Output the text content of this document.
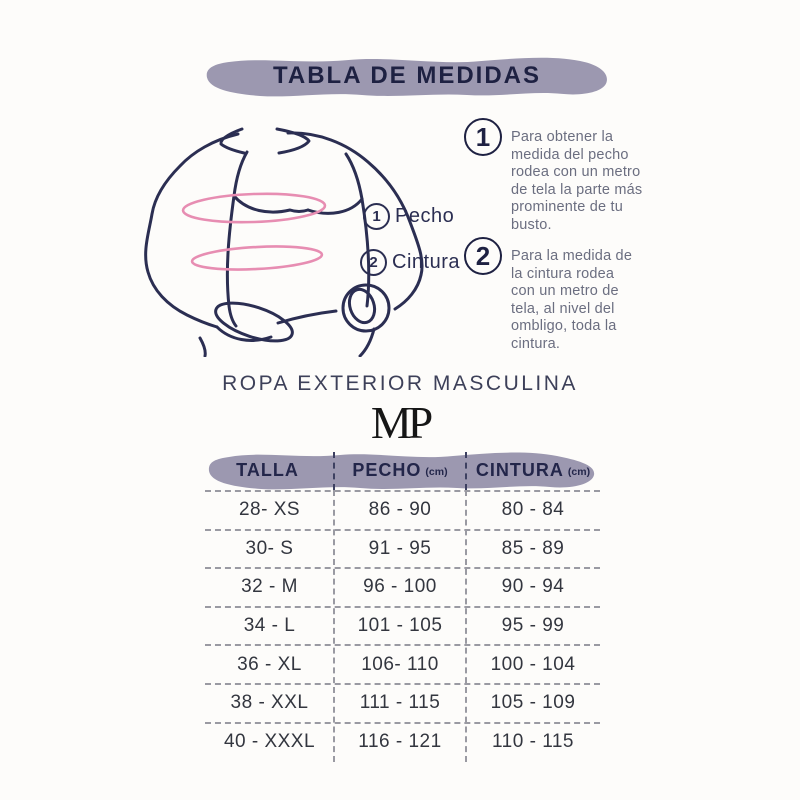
TABLA DE MEDIDAS
1 Pecho
2 Cintura
1	Para obtener la
medida del pecho
rodea con un metro
de tela la parte más
prominente de tu
busto.
2	Para la medida de
la cintura rodea
con un metro de
tela, al nivel del
ombligo, toda la
cintura.
ROPA EXTERIOR MASCULINA
MP
TALLA	PECHO (cm) CINTURA (cm)
28- XS	86 - 90	80 - 84
30- S	91 - 95	85 - 89
32 - M	96 - 100	90 - 94
34 - L	101 - 105	95 - 99
36 - XL	106- 110	100 - 104
38 - XXL	111 - 115	105 - 109
40 - XXXL	116 - 121	110 - 115
